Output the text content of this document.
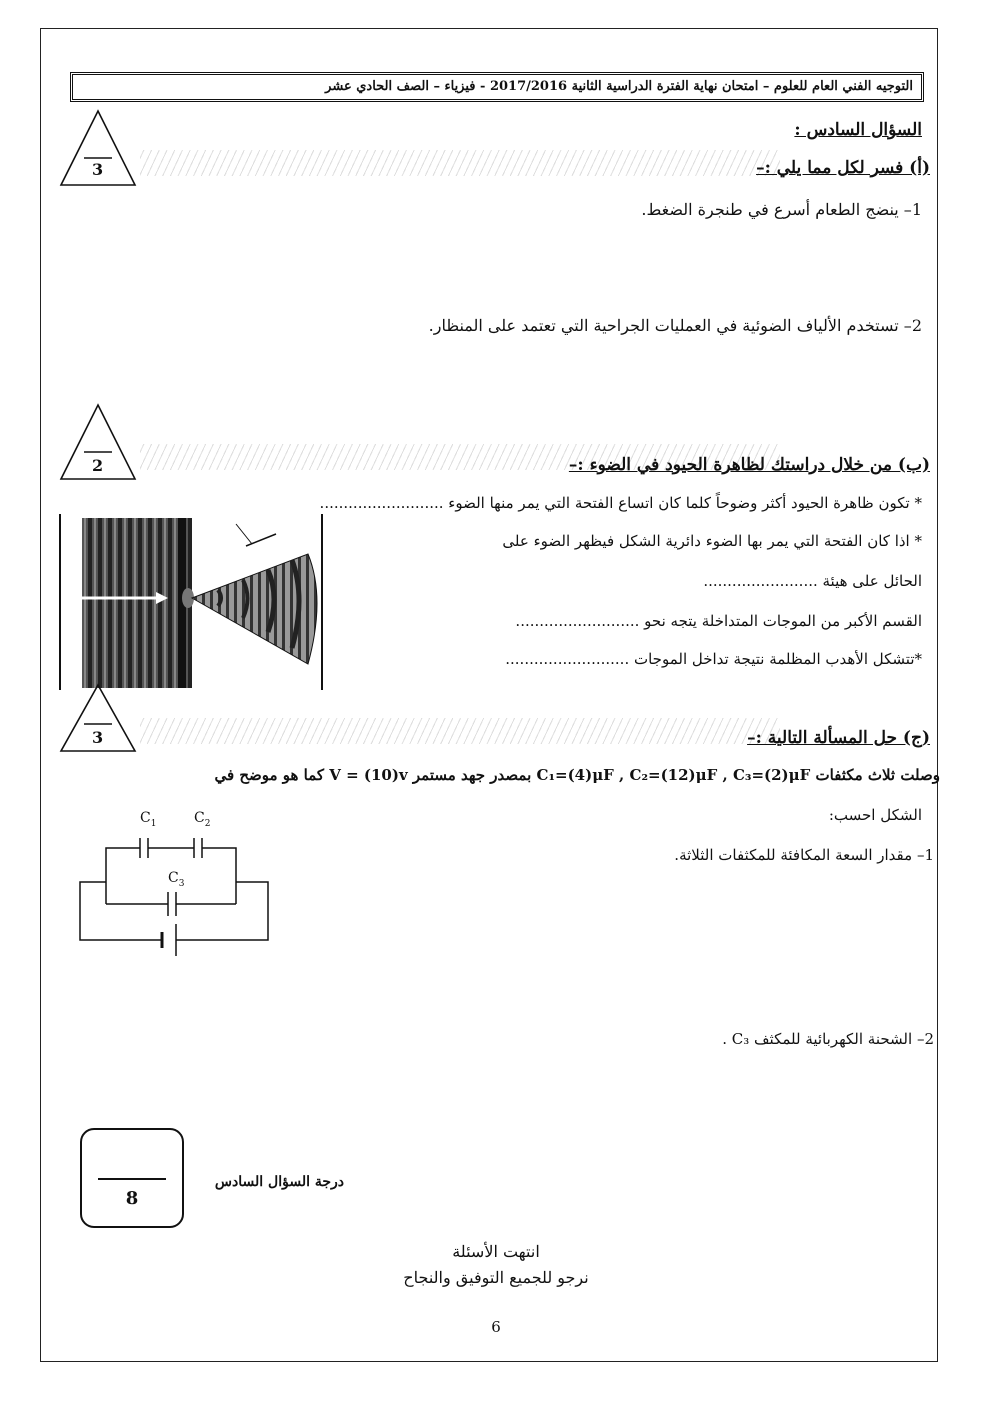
التوجيه الفني العام للعلوم – امتحان نهاية الفترة الدراسية الثانية 2017/2016 - فيزياء – الصف الحادي عشر
السؤال السادس :
3	(أ) فسر لكل مما يلي :–
1– ينضج الطعام أسرع في طنجرة الضغط.
2– تستخدم الألياف الضوئية في العمليات الجراحية التي تعتمد على المنظار.
2	(ب) من خلال دراستك لظاهرة الحيود في الضوء :–
* تكون ظاهرة الحيود أكثر وضوحاً كلما كان اتساع الفتحة التي يمر منها الضوء ..........................
* اذا كان الفتحة التي يمر بها الضوء دائرية الشكل فيظهر الضوء على
الحائل على هيئة ........................
القسم الأكبر من الموجات المتداخلة يتجه نحو ..........................
*تتشكل الأهدب المظلمة نتيجة تداخل الموجات ..........................
3	(ج) حل المسألة التالية :–
وصلت ثلاث مكثفات C₁=(4)μF , C₂=(12)μF , C₃=(2)μF بمصدر جهد مستمر V = (10)v كما هو موضح في
الشكل احسب:
1– مقدار السعة المكافئة للمكثفات الثلاثة.
2– الشحنة الكهربائية للمكثف C₃ .
$C_1$	$C_2$
$C_3$
8
درجة السؤال السادس
انتهت الأسئلة
نرجو للجميع التوفيق والنجاح
6
